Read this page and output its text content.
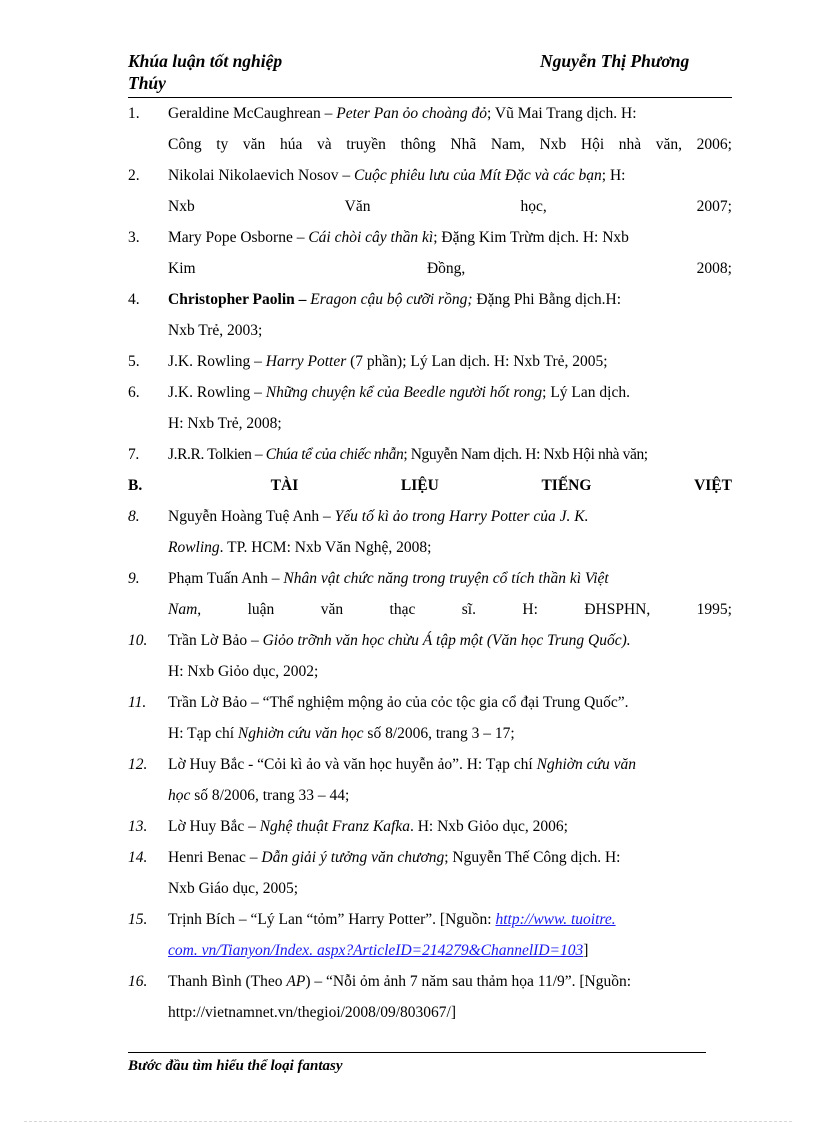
Khúa luận tốt nghiệp
Thúy
Nguyễn Thị Phương
1.	Geraldine McCaughrean – Peter Pan ỏo choàng đỏ; Vũ Mai Trang dịch. H:
Công ty văn húa và truyền thông Nhã Nam, Nxb Hội nhà văn, 2006;
2.	Nikolai Nikolaevich Nosov – Cuộc phiêu lưu của Mít Đặc và các bạn; H:
Nxb	Văn	học,	2007;
3.	Mary Pope Osborne – Cái chòi cây thần kì; Đặng Kim Trừm dịch. H: Nxb
Kim	Đồng,	2008;
4.	Christopher Paolin – Eragon cậu bộ cưỡi rồng; Đặng Phi Bằng dịch.H:
Nxb Trẻ, 2003;
5.	J.K. Rowling – Harry Potter (7 phần); Lý Lan dịch. H: Nxb Trẻ, 2005;
6.	J.K. Rowling – Những chuyện kể của Beedle người hốt rong; Lý Lan dịch.
H: Nxb Trẻ, 2008;
7.	J.R.R. Tolkien – Chúa tể của chiếc nhẫn; Nguyễn Nam dịch. H: Nxb Hội nhà văn;
B.	TÀI	LIỆU	TIẾNG	VIỆT
8.	Nguyễn Hoàng Tuệ Anh – Yếu tố kì ảo trong Harry Potter của J. K.
Rowling. TP. HCM: Nxb Văn Nghệ, 2008;
9.	Phạm Tuấn Anh – Nhân vật chức năng trong truyện cổ tích thần kì Việt
Nam,	luận	văn	thạc	sĩ.	H:	ĐHSPHN,	1995;
10.	Trần Lờ Bảo – Giỏo trỡnh văn học chừu Á tập một (Văn học Trung Quốc).
H: Nxb Giỏo dục, 2002;
11.	Trần Lờ Bảo – “Thể nghiệm mộng ảo của cỏc tộc gia cổ đại Trung Quốc”.
H: Tạp chí Nghiờn cứu văn học số 8/2006, trang 3 – 17;
12.	Lờ Huy Bắc - “Cỏi kì ảo và văn học huyễn ảo”. H: Tạp chí Nghiờn cứu văn
học số 8/2006, trang 33 – 44;
13.	Lờ Huy Bắc – Nghệ thuật Franz Kafka. H: Nxb Giỏo dục, 2006;
14.	Henri Benac – Dẫn giải ý tưởng văn chương; Nguyễn Thế Công dịch. H:
Nxb Giáo dục, 2005;
15.	Trịnh Bích – “Lý Lan “tỏm” Harry Potter”. [Nguồn: http://www. tuoitre.
com. vn/Tianyon/Index. aspx?ArticleID=214279&ChannelID=103]
16.	Thanh Bình (Theo AP) – “Nỗi ỏm ảnh 7 năm sau thảm họa 11/9”. [Nguồn:
http://vietnamnet.vn/thegioi/2008/09/803067/]
Bước đầu tìm hiểu thể loại fantasy
